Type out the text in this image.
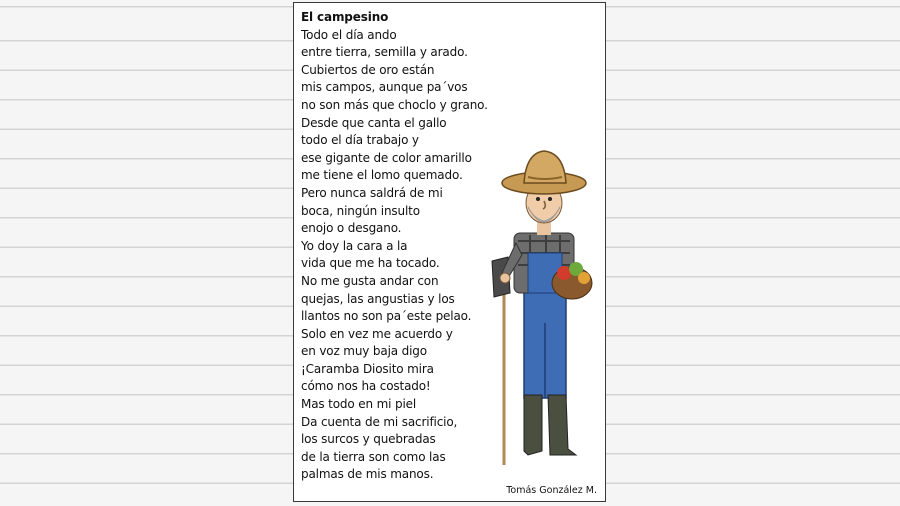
El campesino
Todo el día ando
entre tierra, semilla y arado.
Cubiertos de oro están
mis campos, aunque pa´vos
no son más que choclo y grano.
Desde que canta el gallo
todo el día trabajo y
ese gigante de color amarillo
me tiene el lomo quemado.
Pero nunca saldrá de mi
boca, ningún insulto
enojo o desgano.
Yo doy la cara a la
vida que me ha tocado.
No me gusta andar con
quejas, las angustias y los
llantos no son pa´este pelao.
Solo en vez me acuerdo y
en voz muy baja digo
¡Caramba Diosito mira
cómo nos ha costado!
Mas todo en mi piel
Da cuenta de mi sacrificio,
los surcos y quebradas
de la tierra son como las
palmas de mis manos.
Tomás González M.
